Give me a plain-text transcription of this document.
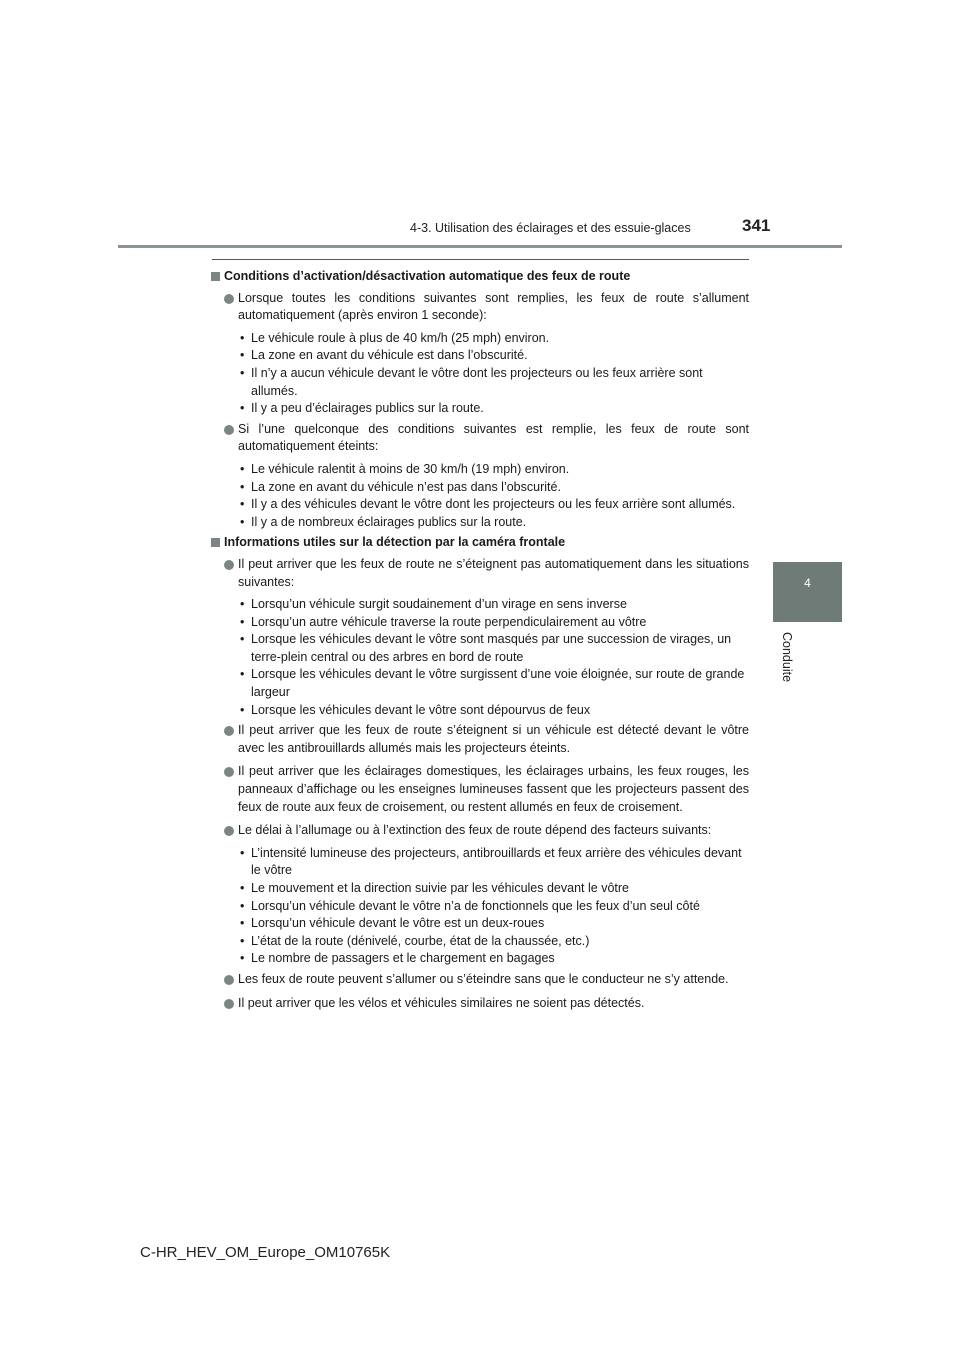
4-3. Utilisation des éclairages et des essuie-glaces	341
4
Conduite
Conditions d’activation/désactivation automatique des feux de route
Lorsque toutes les conditions suivantes sont remplies, les feux de route s’allument automatiquement (après environ 1 seconde):
• Le véhicule roule à plus de 40 km/h (25 mph) environ.
• La zone en avant du véhicule est dans l’obscurité.
• Il n’y a aucun véhicule devant le vôtre dont les projecteurs ou les feux arrière sont allumés.
• Il y a peu d’éclairages publics sur la route.
Si l’une quelconque des conditions suivantes est remplie, les feux de route sont automatiquement éteints:
• Le véhicule ralentit à moins de 30 km/h (19 mph) environ.
• La zone en avant du véhicule n’est pas dans l’obscurité.
• Il y a des véhicules devant le vôtre dont les projecteurs ou les feux arrière sont allumés.
• Il y a de nombreux éclairages publics sur la route.
Informations utiles sur la détection par la caméra frontale
Il peut arriver que les feux de route ne s’éteignent pas automatiquement dans les situations suivantes:
• Lorsqu’un véhicule surgit soudainement d’un virage en sens inverse
• Lorsqu’un autre véhicule traverse la route perpendiculairement au vôtre
• Lorsque les véhicules devant le vôtre sont masqués par une succession de virages, un terre-plein central ou des arbres en bord de route
• Lorsque les véhicules devant le vôtre surgissent d’une voie éloignée, sur route de grande largeur
• Lorsque les véhicules devant le vôtre sont dépourvus de feux
Il peut arriver que les feux de route s’éteignent si un véhicule est détecté devant le vôtre avec les antibrouillards allumés mais les projecteurs éteints.
Il peut arriver que les éclairages domestiques, les éclairages urbains, les feux rouges, les panneaux d’affichage ou les enseignes lumineuses fassent que les projecteurs passent des feux de route aux feux de croisement, ou restent allumés en feux de croisement.
Le délai à l’allumage ou à l’extinction des feux de route dépend des facteurs suivants:
• L’intensité lumineuse des projecteurs, antibrouillards et feux arrière des véhicules devant le vôtre
• Le mouvement et la direction suivie par les véhicules devant le vôtre
• Lorsqu’un véhicule devant le vôtre n’a de fonctionnels que les feux d’un seul côté
• Lorsqu’un véhicule devant le vôtre est un deux-roues
• L’état de la route (dénivelé, courbe, état de la chaussée, etc.)
• Le nombre de passagers et le chargement en bagages
Les feux de route peuvent s’allumer ou s’éteindre sans que le conducteur ne s’y attende.
Il peut arriver que les vélos et véhicules similaires ne soient pas détectés.
C-HR_HEV_OM_Europe_OM10765K
